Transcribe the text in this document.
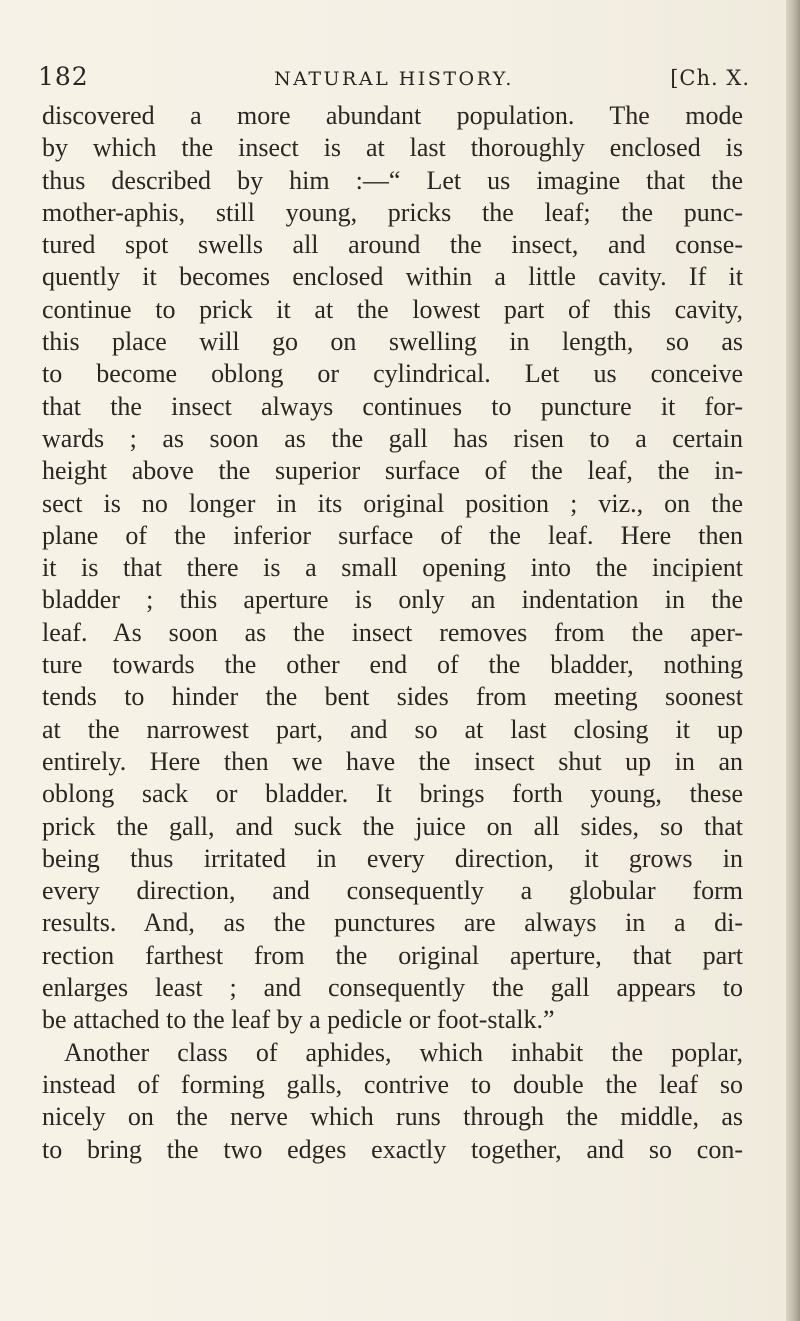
182	NATURAL HISTORY.	[Ch. X.
discovered a more abundant population. The mode
by which the insect is at last thoroughly enclosed is
thus described by him :—“ Let us imagine that the
mother-aphis, still young, pricks the leaf; the punc-
tured spot swells all around the insect, and conse-
quently it becomes enclosed within a little cavity. If it
continue to prick it at the lowest part of this cavity,
this place will go on swelling in length, so as
to become oblong or cylindrical. Let us conceive
that the insect always continues to puncture it for-
wards ; as soon as the gall has risen to a certain
height above the superior surface of the leaf, the in-
sect is no longer in its original position ; viz., on the
plane of the inferior surface of the leaf. Here then
it is that there is a small opening into the incipient
bladder ; this aperture is only an indentation in the
leaf. As soon as the insect removes from the aper-
ture towards the other end of the bladder, nothing
tends to hinder the bent sides from meeting soonest
at the narrowest part, and so at last closing it up
entirely. Here then we have the insect shut up in an
oblong sack or bladder. It brings forth young, these
prick the gall, and suck the juice on all sides, so that
being thus irritated in every direction, it grows in
every direction, and consequently a globular form
results. And, as the punctures are always in a di-
rection farthest from the original aperture, that part
enlarges least ; and consequently the gall appears to
be attached to the leaf by a pedicle or foot-stalk.”
Another class of aphides, which inhabit the poplar,
instead of forming galls, contrive to double the leaf so
nicely on the nerve which runs through the middle, as
to bring the two edges exactly together, and so con-
